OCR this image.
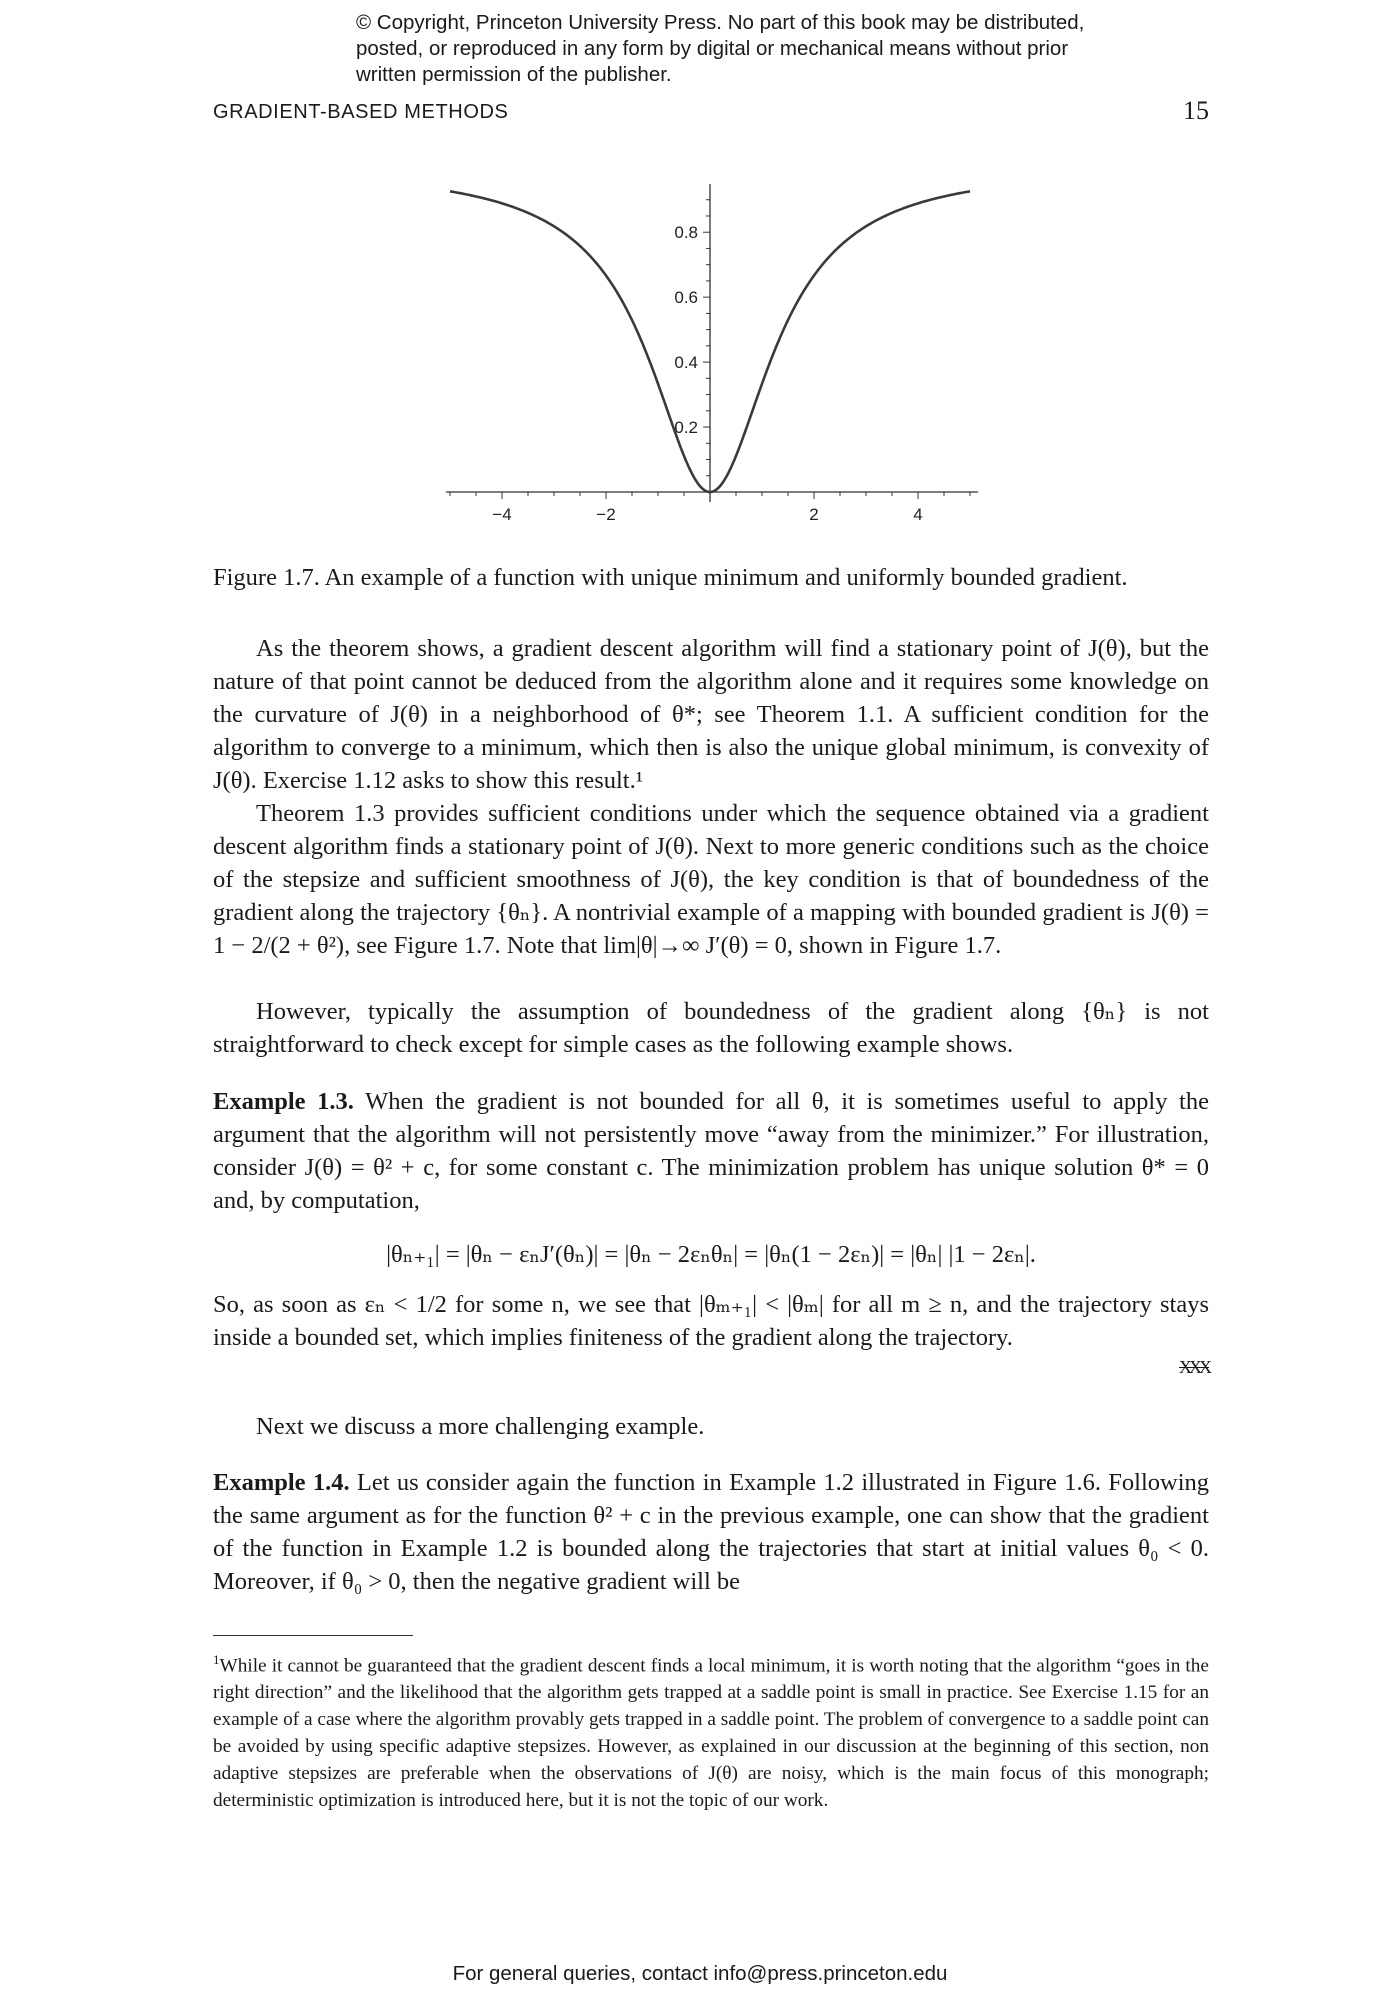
© Copyright, Princeton University Press. No part of this book may be distributed, posted, or reproduced in any form by digital or mechanical means without prior written permission of the publisher.
GRADIENT-BASED METHODS	15
−4	−2	2	4
0.2
0.4
0.6
0.8
Figure 1.7. An example of a function with unique minimum and uniformly bounded gradient.

As the theorem shows, a gradient descent algorithm will find a stationary point of J(θ), but the nature of that point cannot be deduced from the algorithm alone and it requires some knowledge on the curvature of J(θ) in a neighborhood of θ*; see Theorem 1.1. A sufficient condition for the algorithm to converge to a minimum, which then is also the unique global minimum, is convexity of J(θ). Exercise 1.12 asks to show this result.¹

Theorem 1.3 provides sufficient conditions under which the sequence obtained via a gradient descent algorithm finds a stationary point of J(θ). Next to more generic conditions such as the choice of the stepsize and sufficient smoothness of J(θ), the key condition is that of boundedness of the gradient along the trajectory {θₙ}. A nontrivial example of a mapping with bounded gradient is J(θ) = 1 − 2/(2 + θ²), see Figure 1.7. Note that lim|θ|→∞ J′(θ) = 0, shown in Figure 1.7.

However, typically the assumption of boundedness of the gradient along {θₙ} is not straightforward to check except for simple cases as the following example shows.

Example 1.3. When the gradient is not bounded for all θ, it is sometimes useful to apply the argument that the algorithm will not persistently move “away from the minimizer.” For illustration, consider J(θ) = θ² + c, for some constant c. The minimization problem has unique solution θ* = 0 and, by computation,

|θₙ₊₁| = |θₙ − εₙJ′(θₙ)| = |θₙ − 2εₙθₙ| = |θₙ(1 − 2εₙ)| = |θₙ| |1 − 2εₙ|.

So, as soon as εₙ < 1/2 for some n, we see that |θₘ₊₁| < |θₘ| for all m ≥ n, and the trajectory stays inside a bounded set, which implies finiteness of the gradient along the trajectory.

XXX

Next we discuss a more challenging example.

Example 1.4. Let us consider again the function in Example 1.2 illustrated in Figure 1.6. Following the same argument as for the function θ² + c in the previous example, one can show that the gradient of the function in Example 1.2 is bounded along the trajectories that start at initial values θ₀ < 0. Moreover, if θ₀ > 0, then the negative gradient will be

$^1$While it cannot be guaranteed that the gradient descent finds a local minimum, it is worth noting that the algorithm “goes in the right direction” and the likelihood that the algorithm gets trapped at a saddle point is small in practice. See Exercise 1.15 for an example of a case where the algorithm provably gets trapped in a saddle point. The problem of convergence to a saddle point can be avoided by using specific adaptive stepsizes. However, as explained in our discussion at the beginning of this section, non adaptive stepsizes are preferable when the observations of J(θ) are noisy, which is the main focus of this monograph; deterministic optimization is introduced here, but it is not the topic of our work.

For general queries, contact info@press.princeton.edu
